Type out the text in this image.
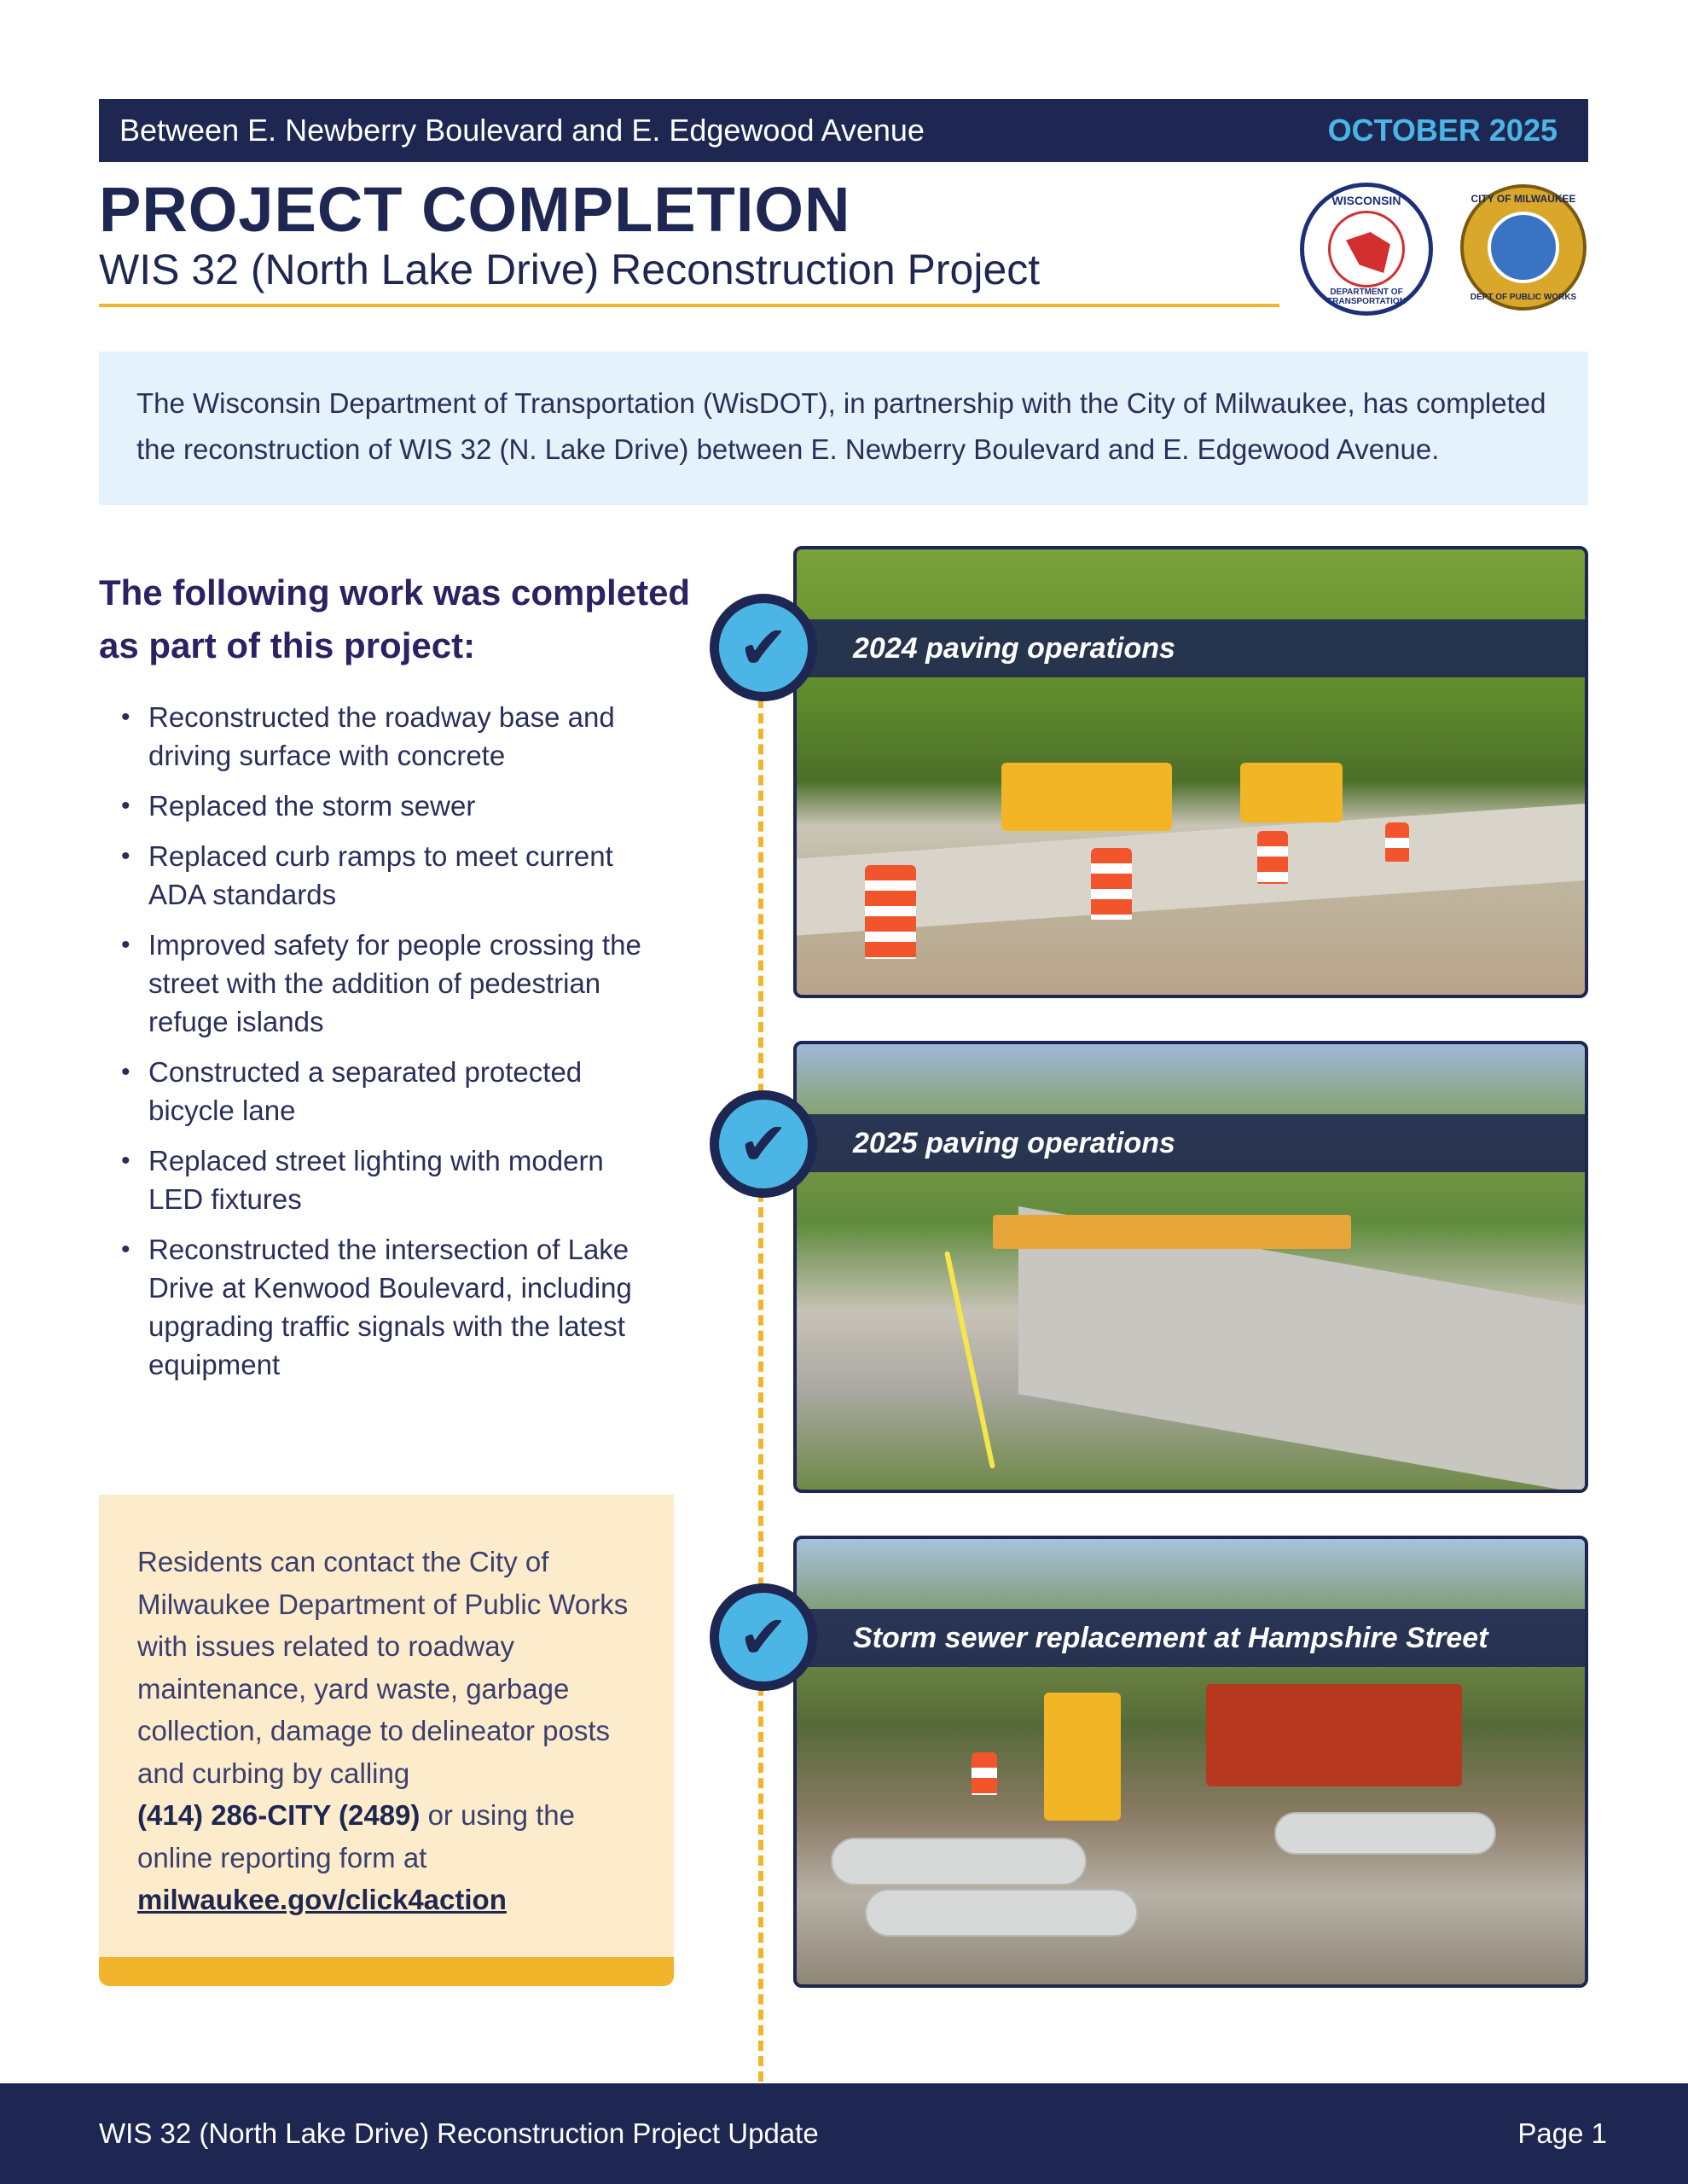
Between E. Newberry Boulevard and E. Edgewood Avenue	OCTOBER 2025
PROJECT COMPLETION
WIS 32 (North Lake Drive) Reconstruction Project
WISCONSIN
DEPARTMENT OF TRANSPORTATION
CITY OF MILWAUKEE
DEPT OF PUBLIC WORKS
The Wisconsin Department of Transportation (WisDOT), in partnership with the City of Milwaukee, has completed the reconstruction of WIS 32 (N. Lake Drive) between E. Newberry Boulevard and E. Edgewood Avenue.
The following work was completed as part of this project:
• Reconstructed the roadway base and driving surface with concrete
• Replaced the storm sewer
• Replaced curb ramps to meet current ADA standards
• Improved safety for people crossing the street with the addition of pedestrian refuge islands
• Constructed a separated protected bicycle lane
• Replaced street lighting with modern LED fixtures
• Reconstructed the intersection of Lake Drive at Kenwood Boulevard, including upgrading traffic signals with the latest equipment
Residents can contact the City of Milwaukee Department of Public Works with issues related to roadway maintenance, yard waste, garbage collection, damage to delineator posts and curbing by calling
(414) 286-CITY (2489) or using the online reporting form at
milwaukee.gov/click4action
2024 paving operations
2025 paving operations
Storm sewer replacement at Hampshire Street
✔
✔
✔
WIS 32 (North Lake Drive) Reconstruction Project Update	Page 1
